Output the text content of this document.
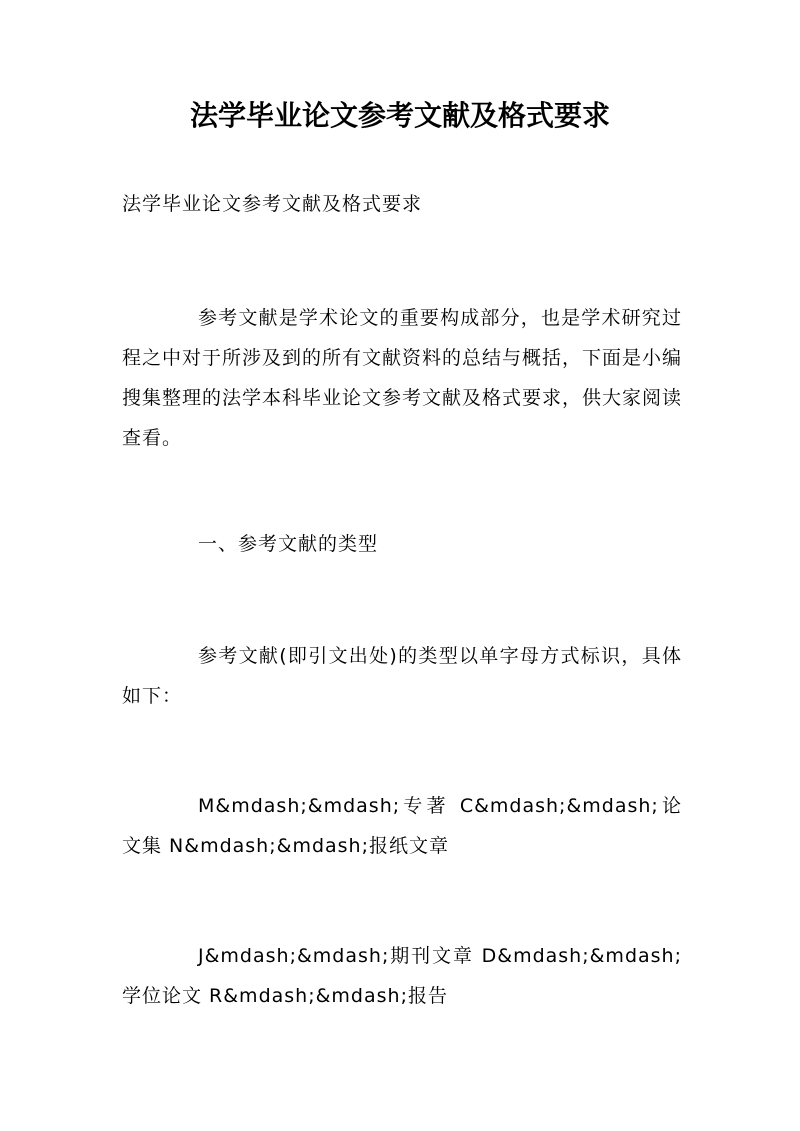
法学毕业论文参考文献及格式要求

法学毕业论文参考文献及格式要求

参考文献是学术论文的重要构成部分，也是学术研究过程之中对于所涉及到的所有文献资料的总结与概括，下面是小编搜集整理的法学本科毕业论文参考文献及格式要求，供大家阅读查看。

一、参考文献的类型

参考文献(即引文出处)的类型以单字母方式标识，具体如下：

M&mdash;&mdash;专著 C&mdash;&mdash;论文集 N&mdash;&mdash;报纸文章

J&mdash;&mdash;期刊文章 D&mdash;&mdash;学位论文 R&mdash;&mdash;报告
